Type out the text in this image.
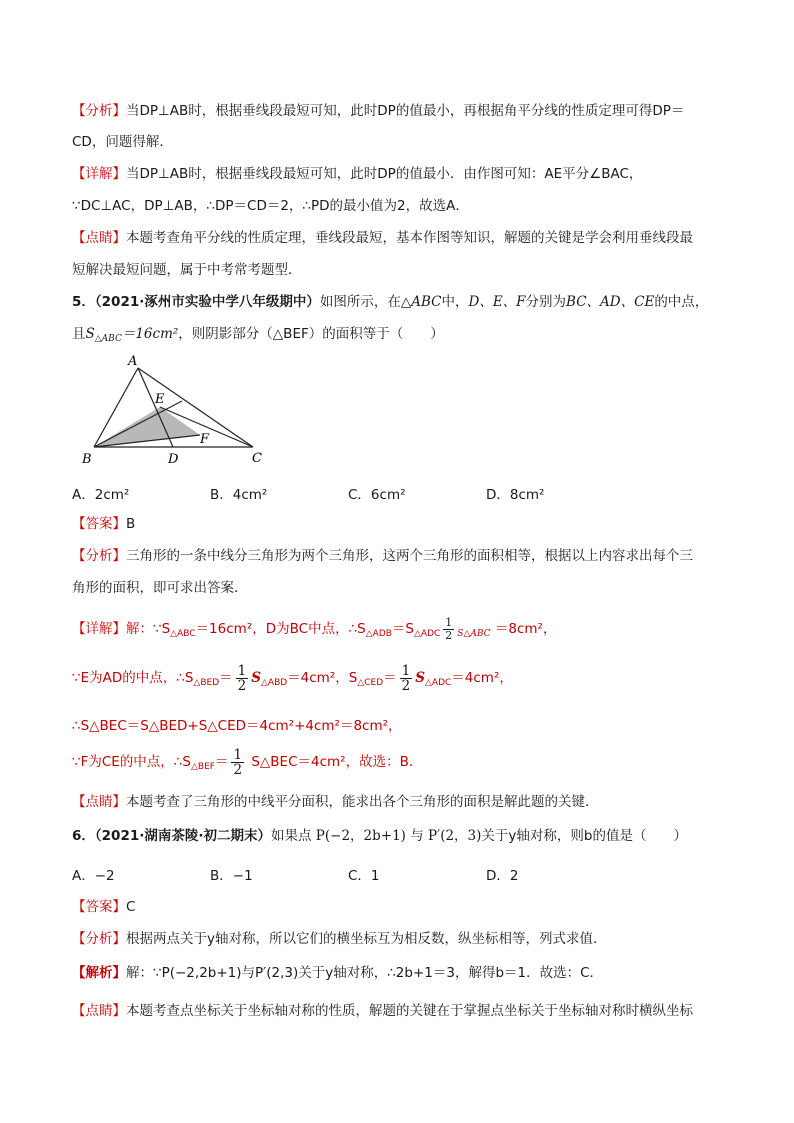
【分析】当DP⊥AB时，根据垂线段最短可知，此时DP的值最小，再根据角平分线的性质定理可得DP＝
CD，问题得解．
【详解】当DP⊥AB时，根据垂线段最短可知，此时DP的值最小．由作图可知：AE平分∠BAC，
∵DC⊥AC，DP⊥AB，∴DP＝CD＝2，∴PD的最小值为2，故选A．
【点睛】本题考查角平分线的性质定理，垂线段最短，基本作图等知识，解题的关键是学会利用垂线段最
短解决最短问题，属于中考常考题型．
5．（2021·涿州市实验中学八年级期中）如图所示，在△ABC中，D、E、F分别为BC、AD、CE的中点，
且$S_{\triangle ABC}=16cm^2$，则阴影部分（△BEF）的面积等于（　　）
A
B	C
D
E
F
A．2cm²	B．4cm²	C．6cm²	D．8cm²
【答案】B
【分析】三角形的一条中线分三角形为两个三角形，这两个三角形的面积相等，根据以上内容求出每个三
角形的面积，即可求出答案．
【详解】解：$\because S_{\triangle ABC}=16cm^2$，D为BC中点，$\therefore S_{\triangle ADB}=S_{\triangle ADC} \frac{1}{2} _{S\triangle ABC} =8cm^2$，
∵E为AD的中点，$\therefore S_{\triangle BED}= \frac{1}{2} S_{\triangle ABD}=4cm^2$，$S_{\triangle CED}= \frac{1}{2} S_{\triangle ADC}=4cm^2$，
∴S△BEC＝S△BED+S△CED＝4cm²+4cm²＝8cm²，
∵F为CE的中点，$\therefore S_{\triangle BEF}= \frac{1}{2}$ S△BEC＝4cm²，故选：B．
【点睛】本题考查了三角形的中线平分面积，能求出各个三角形的面积是解此题的关键．
6．（2021·湖南茶陵·初二期末）如果点 P(−2，2b+1) 与 P′(2，3)关于y轴对称，则b的值是（　　）
A．−2	B．−1	C．1	D．2
【答案】C
【分析】根据两点关于y轴对称，所以它们的横坐标互为相反数，纵坐标相等，列式求值．
【解析】解：∵P(−2,2b+1)与P′(2,3)关于y轴对称，∴2b+1＝3，解得b＝1．故选：C．
【点睛】本题考查点坐标关于坐标轴对称的性质，解题的关键在于掌握点坐标关于坐标轴对称时横纵坐标
